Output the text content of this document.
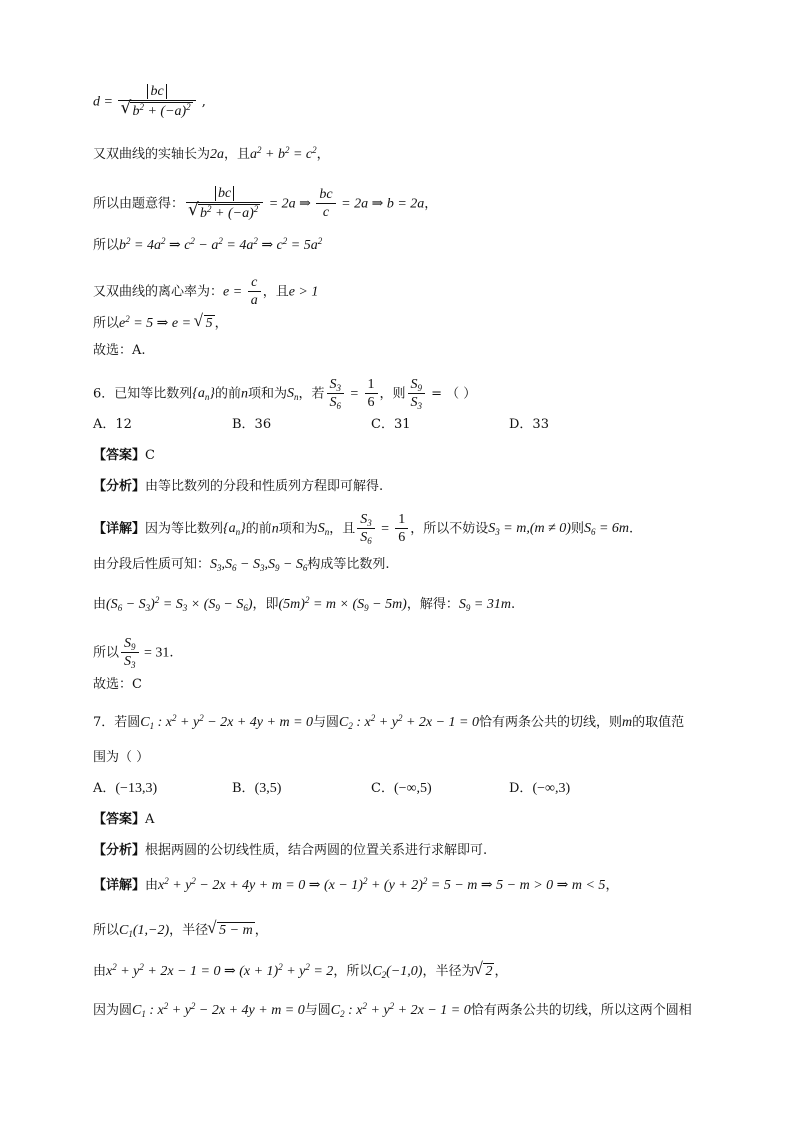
d = bc
√ $b^2 + (-a)^2$ ,
又双曲线的实轴长为2a，且$a^2 + b^2 = c^2$，
所以由题意得： bc
√ $b^2 + (-a)^2 = 2a$ ⇒ $\frac{bc}{c} = 2a$ ⇒ b = 2a，
所以$b^2 = 4a^2$ ⇒ $c^2 - a^2 = 4a^2$ ⇒ $c^2 = 5a^2$
又双曲线的离心率为：$e = \frac{c}{a}$ ，且e > 1
所以$e^2 = 5$ ⇒ e = √ 5 ，
故选：A.
6．已知等比数列$\{a_n\}$的前n项和为$S_n$，若 $\frac{S_3}{S_6} = \frac{1}{6}$ ，则 $\frac{S_9}{S_3}$ = （ ）
A．12	B．36	C．31	D．33
【答案】C
【分析】由等比数列的分段和性质列方程即可解得.
【详解】因为等比数列$\{a_n\}$的前n项和为$S_n$，且 $\frac{S_3}{S_6} = \frac{1}{6}$ ，所以不妨设$S_3 = m,(m \ne 0)$则$S_6 = 6m$.
由分段后性质可知：$S_3,S_6 - S_3,S_9 - S_6$构成等比数列.
由$(S_6 - S_3)^2 = S_3 \times (S_9 - S_6)$，即$(5m)^2 = m \times (S_9 - 5m)$，解得：$S_9 = 31m$.
所以 $\frac{S_9}{S_3} = 31$.
故选：C
7．若圆$C_1$ : $x^2 + y^2 - 2x + 4y + m = 0$与圆$C_2$ : $x^2 + y^2 + 2x - 1 = 0$恰有两条公共的切线，则m的取值范
围为（ ）
A．(−13,3)	B．(3,5)	C．(−∞,5)	D．(−∞,3)
【答案】A
【分析】根据两圆的公切线性质，结合两圆的位置关系进行求解即可.
【详解】由$x^2 + y^2 - 2x + 4y + m = 0$ ⇒ $(x - 1)^2 + (y + 2)^2 = 5 - m$ ⇒ 5 − m > 0 ⇒ m < 5，
所以$C_1(1,-2)$，半径 √ 5 − m ，
由$x^2 + y^2 + 2x - 1 = 0$ ⇒ $(x + 1)^2 + y^2 = 2$，所以$C_2(-1,0)$，半径为 √ 2 ，
因为圆$C_1$ : $x^2 + y^2 - 2x + 4y + m = 0$与圆$C_2$ : $x^2 + y^2 + 2x - 1 = 0$恰有两条公共的切线，所以这两个圆相
